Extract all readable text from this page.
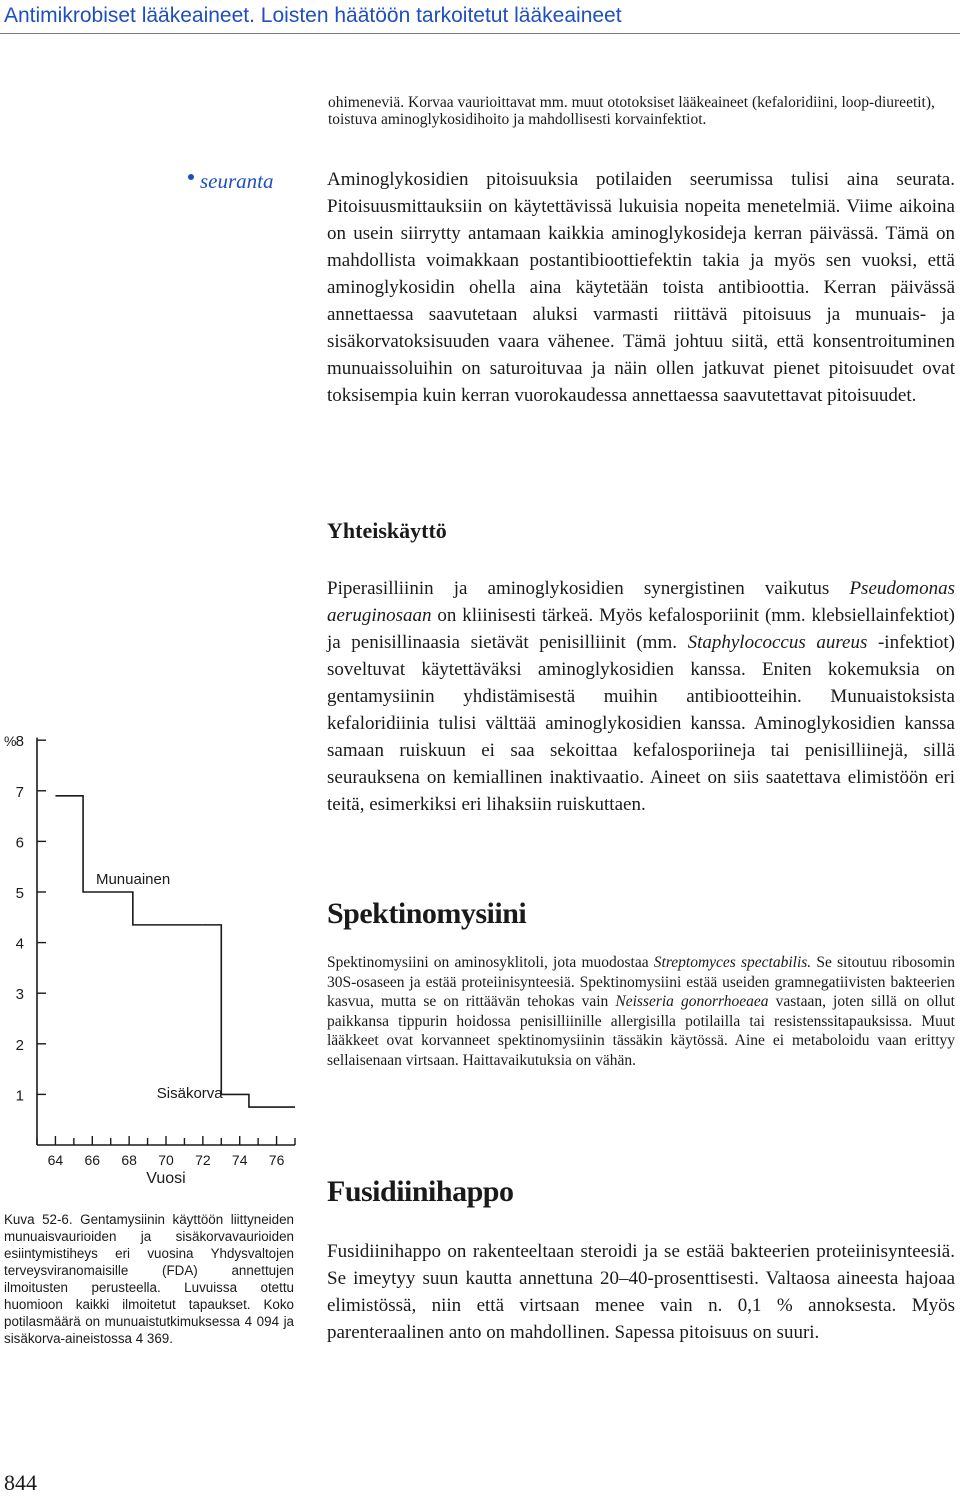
Antimikrobiset lääkeaineet. Loisten häätöön tarkoitetut lääkeaineet
ohimeneviä. Korvaa vaurioittavat mm. muut ototoksiset lääkeaineet (kefaloridiini, loop-diureetit), toistuva aminoglykosidihoito ja mahdollisesti korvainfektiot.
seuranta	Aminoglykosidien pitoisuuksia potilaiden seerumissa tulisi aina seurata. Pitoisuusmittauksiin on käytettävissä lukuisia nopeita menetelmiä. Viime aikoina on usein siirrytty antamaan kaikkia aminoglykosideja kerran päivässä. Tämä on mahdollista voimakkaan postantibioottiefektin takia ja myös sen vuoksi, että aminoglykosidin ohella aina käytetään toista antibioottia. Kerran päivässä annettaessa saavutetaan aluksi varmasti riittävä pitoisuus ja munuais- ja sisäkorvatoksisuuden vaara vähenee. Tämä johtuu siitä, että konsentroituminen munuaissoluihin on saturoituvaa ja näin ollen jatkuvat pienet pitoisuudet ovat toksisempia kuin kerran vuorokaudessa annettaessa saavutettavat pitoisuudet.
Yhteiskäyttö
Piperasilliinin ja aminoglykosidien synergistinen vaikutus Pseudomonas aeruginosaan on kliinisesti tärkeä. Myös kefalosporiinit (mm. klebsiellainfektiot) ja penisillinaasia sietävät penisilliinit (mm. Staphylococcus aureus -infektiot) soveltuvat käytettäväksi aminoglykosidien kanssa. Eniten kokemuksia on gentamysiinin yhdistämisestä muihin antibiootteihin. Munuaistoksista kefaloridiinia tulisi välttää aminoglykosidien kanssa. Aminoglykosidien kanssa samaan ruiskuun ei saa sekoittaa kefalosporiineja tai penisilliinejä, sillä seurauksena on kemiallinen inaktivaatio. Aineet on siis saatettava elimistöön eri teitä, esimerkiksi eri lihaksiin ruiskuttaen.
Spektinomysiini
Spektinomysiini on aminosyklitoli, jota muodostaa Streptomyces spectabilis. Se sitoutuu ribosomin 30S-osaseen ja estää proteiinisynteesiä. Spektinomysiini estää useiden gramnegatiivisten bakteerien kasvua, mutta se on rittäävän tehokas vain Neisseria gonorrhoeaea vastaan, joten sillä on ollut paikkansa tippurin hoidossa penisilliinille allergisilla potilailla tai resistenssitapauksissa. Muut lääkkeet ovat korvanneet spektinomysiinin tässäkin käytössä. Aine ei metaboloidu vaan erittyy sellaisenaan virtsaan. Haittavaikutuksia on vähän.
Fusidiinihappo
Fusidiinihappo on rakenteeltaan steroidi ja se estää bakteerien proteiinisynteesiä. Se imeytyy suun kautta annettuna 20–40-prosenttisesti. Valtaosa aineesta hajoaa elimistössä, niin että virtsaan menee vain n. 0,1 % annoksesta. Myös parenteraalinen anto on mahdollinen. Sapessa pitoisuus on suuri.
1
2
3
4
5
6
7
8
%
64 66 68 70 72 74 76
Vuosi
Munuainen
Sisäkorva
Kuva 52-6. Gentamysiinin käyttöön liittyneiden munuaisvaurioiden ja sisäkorvavaurioiden esiintymistiheys eri vuosina Yhdysvaltojen terveysviranomaisille (FDA) annettujen ilmoitusten perusteella. Luvuissa otettu huomioon kaikki ilmoitetut tapaukset. Koko potilasmäärä on munuaistutkimuksessa 4 094 ja sisäkorva-aineistossa 4 369.
844
